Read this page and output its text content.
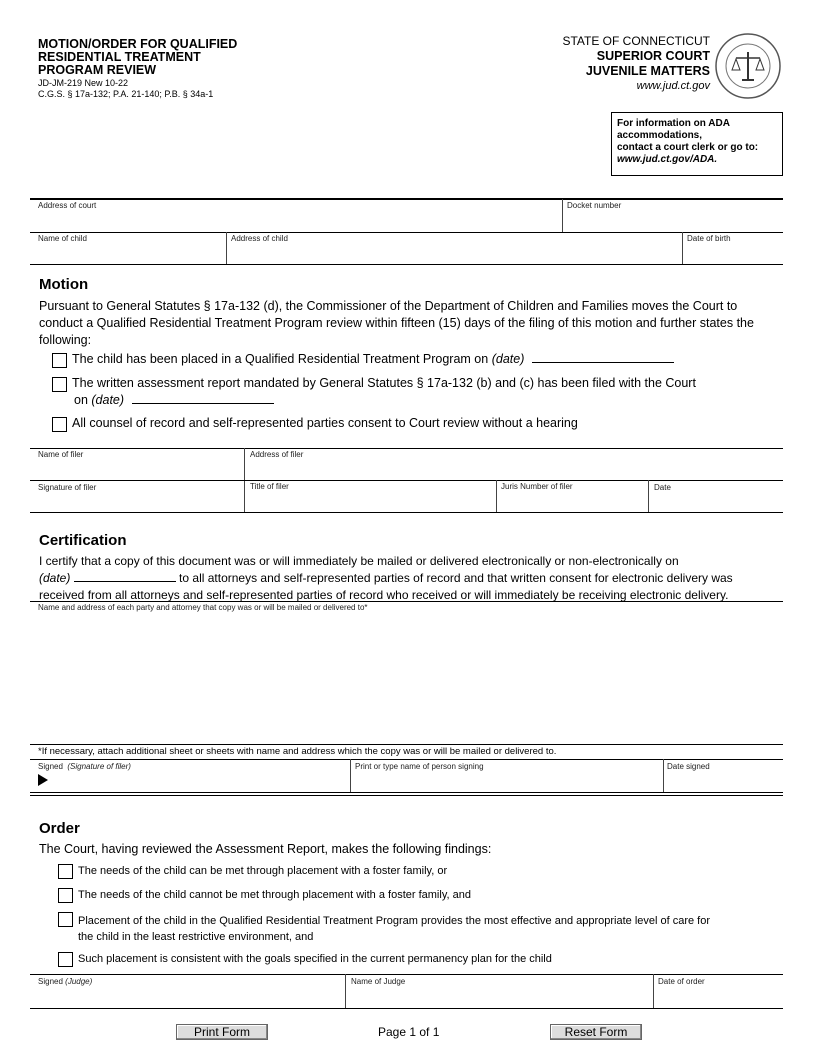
MOTION/ORDER FOR QUALIFIED
RESIDENTIAL TREATMENT
PROGRAM REVIEW
JD-JM-219 New 10-22
C.G.S. § 17a-132; P.A. 21-140; P.B. § 34a-1
STATE OF CONNECTICUT
SUPERIOR COURT
JUVENILE MATTERS
www.jud.ct.gov
For information on ADA
accommodations,
contact a court clerk or go to:
www.jud.ct.gov/ADA.
Address of court	Docket number
Name of child	Address of child	Date of birth
Motion
Pursuant to General Statutes § 17a-132 (d), the Commissioner of the Department of Children and Families moves the Court to conduct a Qualified Residential Treatment Program review within fifteen (15) days of the filing of this motion and further states the following:
The child has been placed in a Qualified Residential Treatment Program on (date)
The written assessment report mandated by General Statutes § 17a-132 (b) and (c) has been filed with the Court
on (date)
All counsel of record and self-represented parties consent to Court review without a hearing
Name of filer	Address of filer
Signature of filer	Title of filer	Juris Number of filer	Date
Certification
I certify that a copy of this document was or will immediately be mailed or delivered electronically or non-electronically on
(date)	to all attorneys and self-represented parties of record and that written consent for electronic delivery was
received from all attorneys and self-represented parties of record who received or will immediately be receiving electronic delivery.
Name and address of each party and attorney that copy was or will be mailed or delivered to*
*If necessary, attach additional sheet or sheets with name and address which the copy was or will be mailed or delivered to.
Signed (Signature of filer)	Print or type name of person signing	Date signed
Order
The Court, having reviewed the Assessment Report, makes the following findings:
The needs of the child can be met through placement with a foster family, or
The needs of the child cannot be met through placement with a foster family, and
Placement of the child in the Qualified Residential Treatment Program provides the most effective and appropriate level of care for
the child in the least restrictive environment, and
Such placement is consistent with the goals specified in the current permanency plan for the child
Signed (Judge)	Name of Judge	Date of order
Print Form	Page 1 of 1	Reset Form
